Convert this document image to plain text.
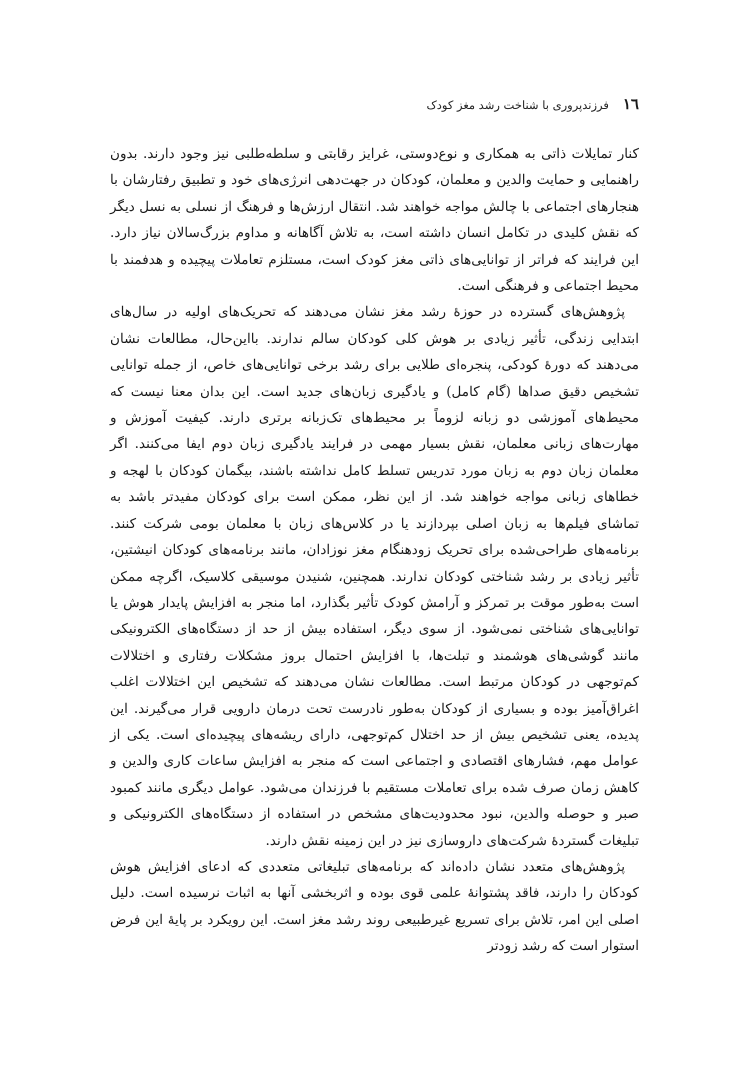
١٦
فرزندپروری با شناخت رشد مغز کودک

کنار تمایلات ذاتی به همکاری و نوع‌دوستی، غرایز رقابتی و سلطه‌طلبی نیز وجود دارند. بدون راهنمایی و حمایت والدین و معلمان، کودکان در جهت‌دهی انرژی‌های خود و تطبیق رفتارشان با هنجارهای اجتماعی با چالش مواجه خواهند شد. انتقال ارزش‌ها و فرهنگ از نسلی به نسل دیگر که نقش کلیدی در تکامل انسان داشته است، به تلاش آگاهانه و مداوم بزرگ‌سالان نیاز دارد. این فرایند که فراتر از توانایی‌های ذاتی مغز کودک است، مستلزم تعاملات پیچیده و هدفمند با محیط اجتماعی و فرهنگی است.

پژوهش‌های گسترده در حوزۀ رشد مغز نشان می‌دهند که تحریک‌های اولیه در سال‌های ابتدایی زندگی، تأثیر زیادی بر هوش کلی کودکان سالم ندارند. بااین‌حال، مطالعات نشان می‌دهند که دورۀ کودکی، پنجره‌ای طلایی برای رشد برخی توانایی‌های خاص، از جمله توانایی تشخیص دقیق صداها (گام کامل) و یادگیری زبان‌های جدید است. این بدان معنا نیست که محیط‌های آموزشی دو زبانه لزوماً بر محیط‌های تک‌زبانه برتری دارند. کیفیت آموزش و مهارت‌های زبانی معلمان، نقش بسیار مهمی در فرایند یادگیری زبان دوم ایفا می‌کنند. اگر معلمان زبان دوم به زبان مورد تدریس تسلط کامل نداشته باشند، بیگمان کودکان با لهجه و خطاهای زبانی مواجه خواهند شد. از این نظر، ممکن است برای کودکان مفیدتر باشد به تماشای فیلم‌ها به زبان اصلی بپردازند یا در کلاس‌های زبان با معلمان بومی شرکت کنند. برنامه‌های طراحی‌شده برای تحریک زودهنگام مغز نوزادان، مانند برنامه‌های کودکان انیشتین، تأثیر زیادی بر رشد شناختی کودکان ندارند. همچنین، شنیدن موسیقی کلاسیک، اگرچه ممکن است به‌طور موقت بر تمرکز و آرامش کودک تأثیر بگذارد، اما منجر به افزایش پایدار هوش یا توانایی‌های شناختی نمی‌شود. از سوی دیگر، استفاده بیش از حد از دستگاه‌های الکترونیکی مانند گوشی‌های هوشمند و تبلت‌ها، با افزایش احتمال بروز مشکلات رفتاری و اختلالات کم‌توجهی در کودکان مرتبط است. مطالعات نشان می‌دهند که تشخیص این اختلالات اغلب اغراق‌آمیز بوده و بسیاری از کودکان به‌طور نادرست تحت درمان دارویی قرار می‌گیرند. این پدیده، یعنی تشخیص بیش از حد اختلال کم‌توجهی، دارای ریشه‌های پیچیده‌ای است. یکی از عوامل مهم، فشارهای اقتصادی و اجتماعی است که منجر به افزایش ساعات کاری والدین و کاهش زمان صرف شده برای تعاملات مستقیم با فرزندان می‌شود. عوامل دیگری مانند کمبود صبر و حوصله والدین، نبود محدودیت‌های مشخص در استفاده از دستگاه‌های الکترونیکی و تبلیغات گستردۀ شرکت‌های داروسازی نیز در این زمینه نقش دارند.

پژوهش‌های متعدد نشان داده‌اند که برنامه‌های تبلیغاتی متعددی که ادعای افزایش هوش کودکان را دارند، فاقد پشتوانۀ علمی قوی بوده و اثربخشی آنها به اثبات نرسیده است. دلیل اصلی این امر، تلاش برای تسریع غیرطبیعی روند رشد مغز است. این رویکرد بر پایۀ این فرض استوار است که رشد زودتر
